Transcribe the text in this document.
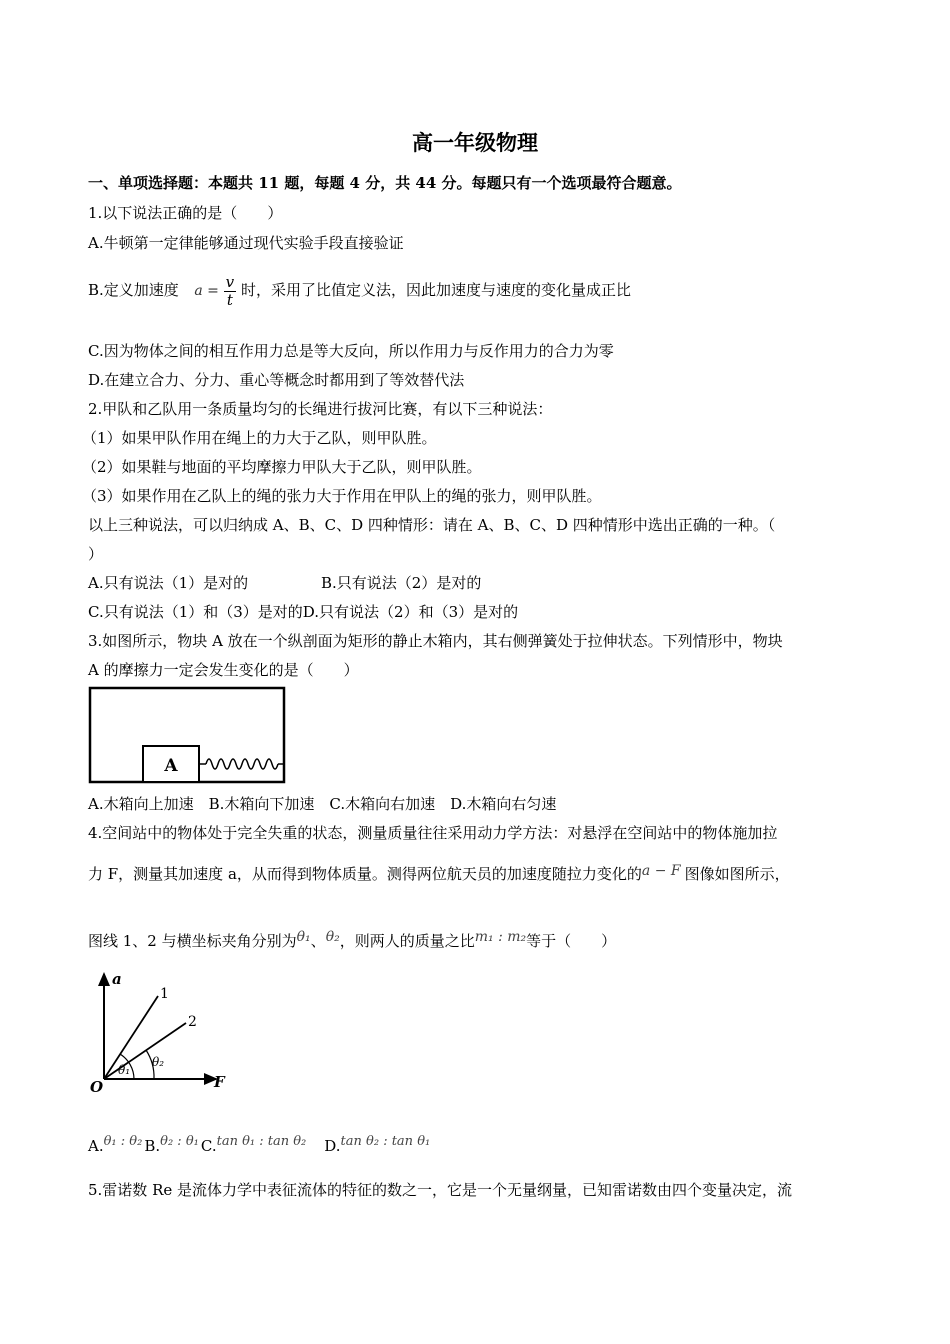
高一年级物理
一、单项选择题：本题共 11 题，每题 4 分，共 44 分。每题只有一个选项最符合题意。
1.以下说法正确的是（　　）
A.牛顿第一定律能够通过现代实验手段直接验证
B.定义加速度 $a = \frac{v}{t}$ 时，采用了比值定义法，因此加速度与速度的变化量成正比
C.因为物体之间的相互作用力总是等大反向，所以作用力与反作用力的合力为零
D.在建立合力、分力、重心等概念时都用到了等效替代法
2.甲队和乙队用一条质量均匀的长绳进行拔河比赛，有以下三种说法：
（1）如果甲队作用在绳上的力大于乙队，则甲队胜。
（2）如果鞋与地面的平均摩擦力甲队大于乙队，则甲队胜。
（3）如果作用在乙队上的绳的张力大于作用在甲队上的绳的张力，则甲队胜。
以上三种说法，可以归纳成 A、B、C、D 四种情形：请在 A、B、C、D 四种情形中选出正确的一种。（
）
A.只有说法（1）是对的	B.只有说法（2）是对的
C.只有说法（1）和（3）是对的D.只有说法（2）和（3）是对的
3.如图所示，物块 A 放在一个纵剖面为矩形的静止木箱内，其右侧弹簧处于拉伸状态。下列情形中，物块
A 的摩擦力一定会发生变化的是（　　）
A
A.木箱向上加速　B.木箱向下加速　C.木箱向右加速　D.木箱向右匀速
4.空间站中的物体处于完全失重的状态，测量质量往往采用动力学方法：对悬浮在空间站中的物体施加拉
力 F，测量其加速度 a，从而得到物体质量。测得两位航天员的加速度随拉力变化的a − F 图像如图所示，
图线 1、2 与横坐标夹角分别为θ₁、θ₂，则两人的质量之比m₁ : m₂等于（　　）
a
F
O
1
2
θ₁
θ₂
A.θ₁ : θ₂ B.θ₂ : θ₁ C.tan θ₁ : tan θ₂ D.tan θ₂ : tan θ₁
5.雷诺数 Re 是流体力学中表征流体的特征的数之一，它是一个无量纲量，已知雷诺数由四个变量决定，流
